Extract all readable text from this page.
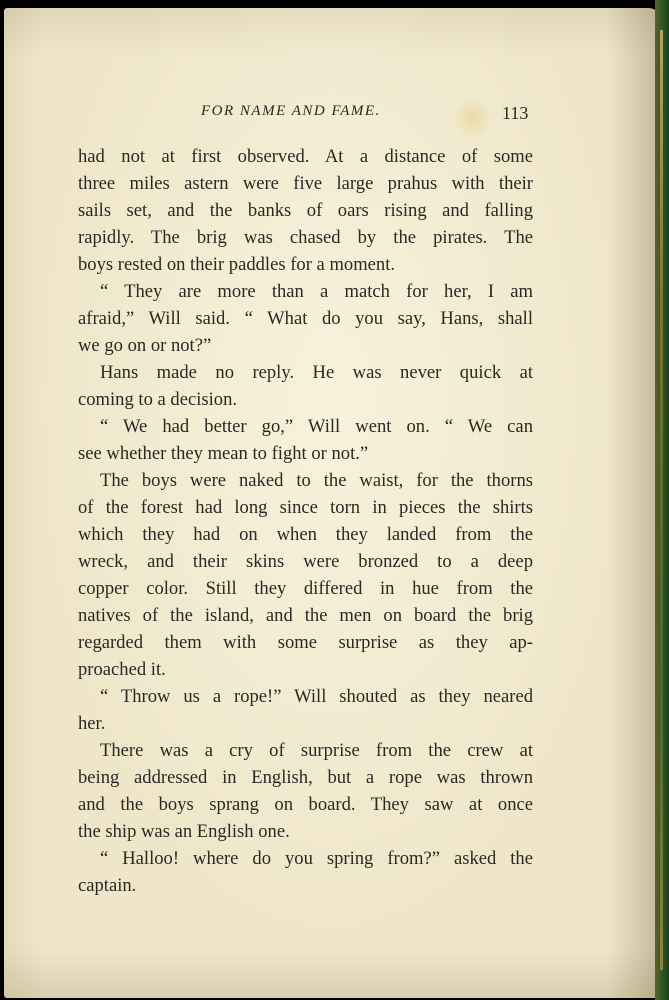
FOR NAME AND FAME.	113
had not at first observed. At a distance of some
three miles astern were five large prahus with their
sails set, and the banks of oars rising and falling
rapidly. The brig was chased by the pirates. The
boys rested on their paddles for a moment.
“ They are more than a match for her, I am
afraid,” Will said. “ What do you say, Hans, shall
we go on or not?”
Hans made no reply. He was never quick at
coming to a decision.
“ We had better go,” Will went on. “ We can
see whether they mean to fight or not.”
The boys were naked to the waist, for the thorns
of the forest had long since torn in pieces the shirts
which they had on when they landed from the
wreck, and their skins were bronzed to a deep
copper color. Still they differed in hue from the
natives of the island, and the men on board the brig
regarded them with some surprise as they ap-
proached it.
“ Throw us a rope!” Will shouted as they neared
her.
There was a cry of surprise from the crew at
being addressed in English, but a rope was thrown
and the boys sprang on board. They saw at once
the ship was an English one.
“ Halloo! where do you spring from?” asked the
captain.
